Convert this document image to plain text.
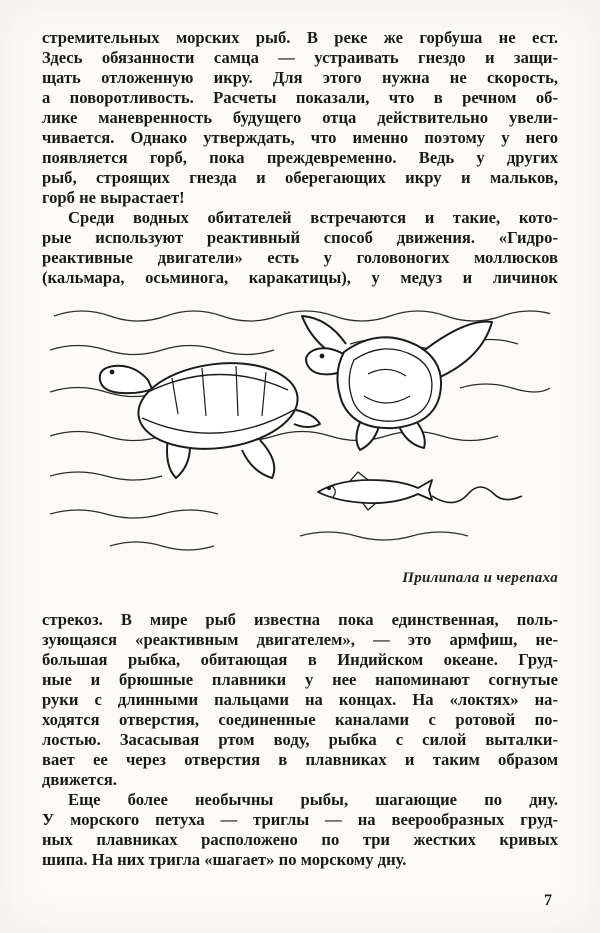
стремительных морских рыб. В реке же горбуша не ест.
Здесь обязанности самца — устраивать гнездо и защи-
щать отложенную икру. Для этого нужна не скорость,
а поворотливость. Расчеты показали, что в речном об-
лике маневренность будущего отца действительно увели-
чивается. Однако утверждать, что именно поэтому у него
появляется горб, пока преждевременно. Ведь у других
рыб, строящих гнезда и оберегающих икру и мальков,
горб не вырастает!
Среди водных обитателей встречаются и такие, кото-
рые используют реактивный способ движения. «Гидро-
реактивные двигатели» есть у головоногих моллюсков
(кальмара, осьминога, каракатицы), у медуз и личинок
Прилипала и черепаха
стрекоз. В мире рыб известна пока единственная, поль-
зующаяся «реактивным двигателем», — это армфиш, не-
большая рыбка, обитающая в Индийском океане. Груд-
ные и брюшные плавники у нее напоминают согнутые
руки с длинными пальцами на концах. На «локтях» на-
ходятся отверстия, соединенные каналами с ротовой по-
лостью. Засасывая ртом воду, рыбка с силой выталки-
вает ее через отверстия в плавниках и таким образом
движется.
Еще более необычны рыбы, шагающие по дну.
У морского петуха — триглы — на веерообразных груд-
ных плавниках расположено по три жестких кривых
шипа. На них тригла «шагает» по морскому дну.
7
